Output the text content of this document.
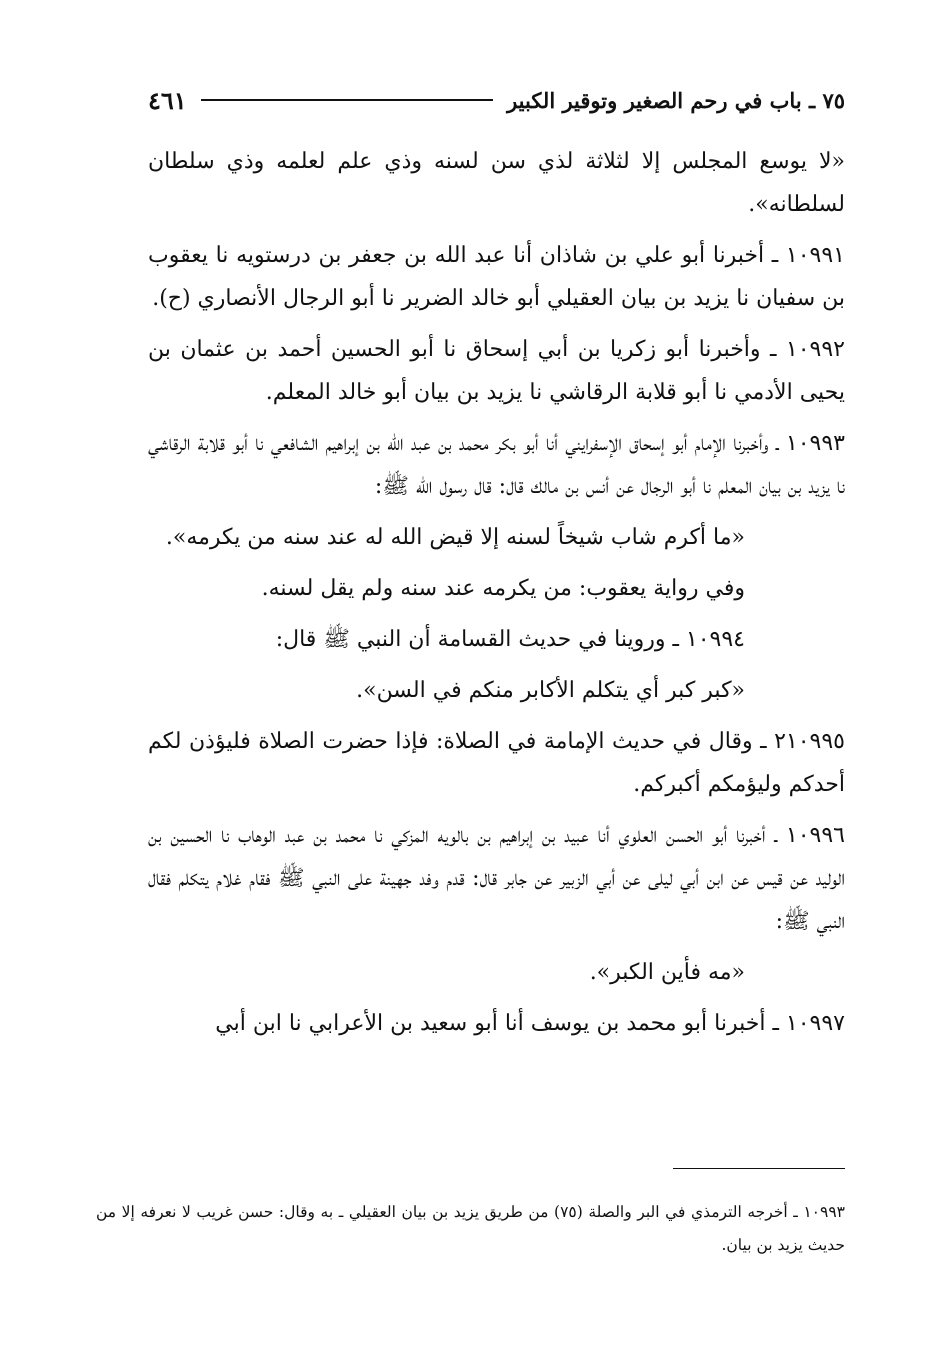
٧٥ ـ باب في رحم الصغير وتوقير الكبير
٤٦١

«لا يوسع المجلس إلا لثلاثة لذي سن لسنه وذي علم لعلمه وذي سلطان لسلطانه».

١٠٩٩١ ـ أخبرنا أبو علي بن شاذان أنا عبد الله بن جعفر بن درستويه نا يعقوب بن سفيان نا يزيد بن بيان العقيلي أبو خالد الضرير نا أبو الرجال الأنصاري (ح).

١٠٩٩٢ ـ وأخبرنا أبو زكريا بن أبي إسحاق نا أبو الحسين أحمد بن عثمان بن يحيى الأدمي نا أبو قلابة الرقاشي نا يزيد بن بيان أبو خالد المعلم.

١٠٩٩٣ ـ وأخبرنا الإمام أبو إسحاق الإسفرايني أنا أبو بكر محمد بن عبد الله بن إبراهيم الشافعي نا أبو قلابة الرقاشي نا يزيد بن بيان المعلم نا أبو الرجال عن أنس بن مالك قال: قال رسول الله ﷺ:

«ما أكرم شاب شيخاً لسنه إلا قيض الله له عند سنه من يكرمه».

وفي رواية يعقوب: من يكرمه عند سنه ولم يقل لسنه.

١٠٩٩٤ ـ وروينا في حديث القسامة أن النبي ﷺ قال:

«كبر كبر أي يتكلم الأكابر منكم في السن».

٢١٠٩٩٥ ـ وقال في حديث الإمامة في الصلاة: فإذا حضرت الصلاة فليؤذن لكم أحدكم وليؤمكم أكبركم.

١٠٩٩٦ ـ أخبرنا أبو الحسن العلوي أنا عبيد بن إبراهيم بن بالويه المزكي نا محمد بن عبد الوهاب نا الحسين بن الوليد عن قيس عن ابن أبي ليلى عن أبي الزبير عن جابر قال: قدم وفد جهينة على النبي ﷺ فقام غلام يتكلم فقال النبي ﷺ:

«مه فأين الكبر».

١٠٩٩٧ ـ أخبرنا أبو محمد بن يوسف أنا أبو سعيد بن الأعرابي نا ابن أبي

١٠٩٩٣ ـ أخرجه الترمذي في البر والصلة (٧٥) من طريق يزيد بن بيان العقيلي ـ به وقال: حسن غريب لا نعرفه إلا من حديث يزيد بن بيان.
